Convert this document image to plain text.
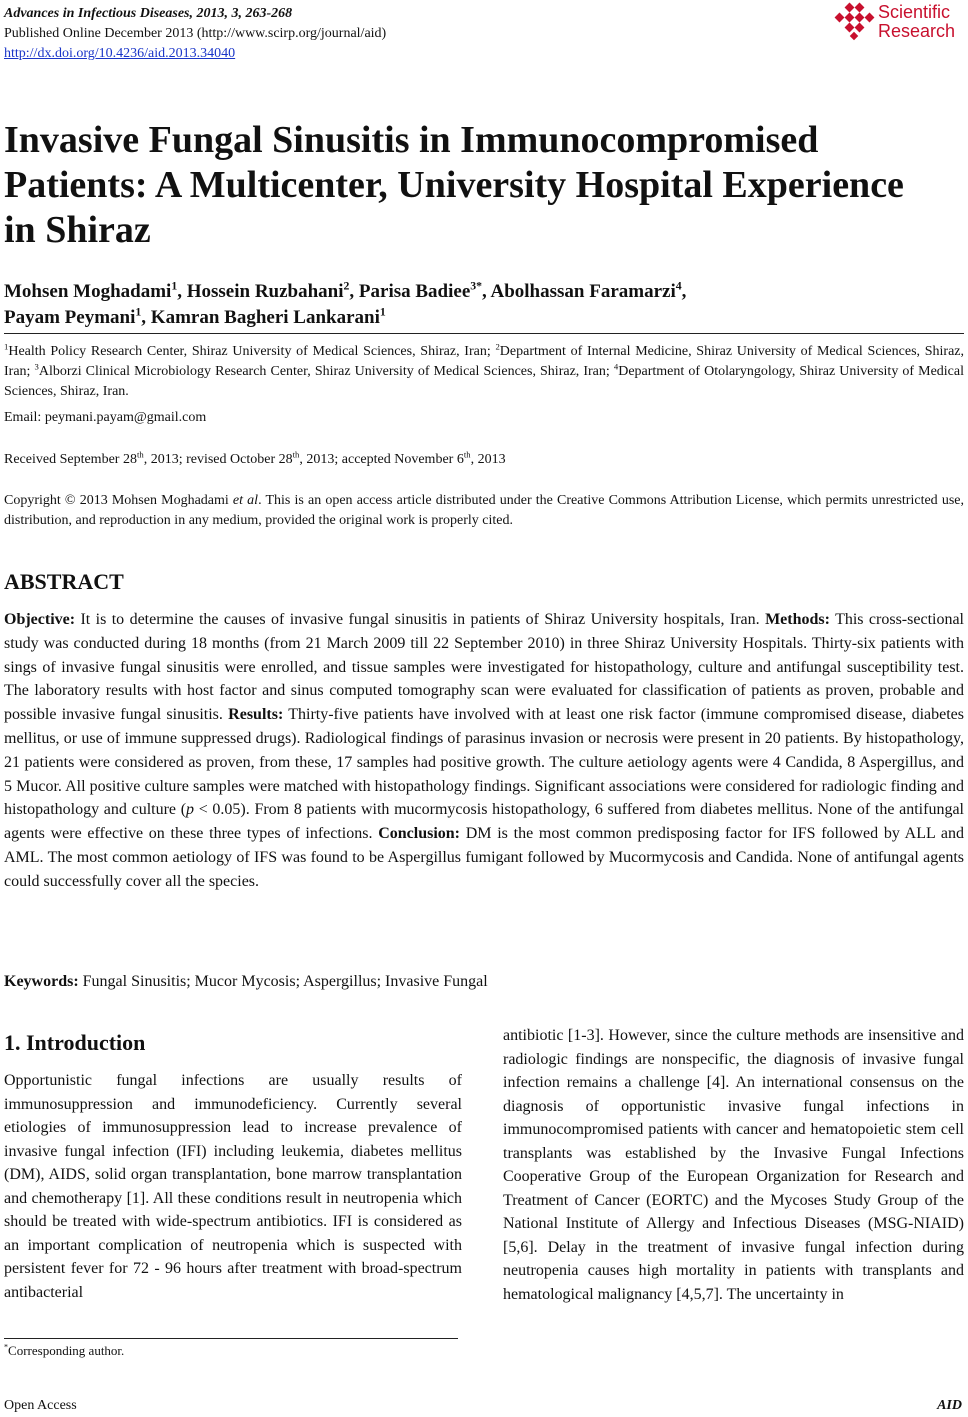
Advances in Infectious Diseases, 2013, 3, 263-268
Published Online December 2013 (http://www.scirp.org/journal/aid)
http://dx.doi.org/10.4236/aid.2013.34040
Scientific
Research
Invasive Fungal Sinusitis in Immunocompromised Patients: A Multicenter, University Hospital Experience in Shiraz
Mohsen Moghadami$^1$, Hossein Ruzbahani$^2$, Parisa Badiee$^{3*}$, Abolhassan Faramarzi$^4$,
Payam Peymani$^1$, Kamran Bagheri Lankarani$^1$
$^1$Health Policy Research Center, Shiraz University of Medical Sciences, Shiraz, Iran; $^2$Department of Internal Medicine, Shiraz University of Medical Sciences, Shiraz, Iran; $^3$Alborzi Clinical Microbiology Research Center, Shiraz University of Medical Sciences, Shiraz, Iran; $^4$Department of Otolaryngology, Shiraz University of Medical Sciences, Shiraz, Iran.
Email: peymani.payam@gmail.com
Received September 28th, 2013; revised October 28th, 2013; accepted November 6th, 2013
Copyright © 2013 Mohsen Moghadami et al. This is an open access article distributed under the Creative Commons Attribution License, which permits unrestricted use, distribution, and reproduction in any medium, provided the original work is properly cited.
ABSTRACT
Objective: It is to determine the causes of invasive fungal sinusitis in patients of Shiraz University hospitals, Iran. Methods: This cross-sectional study was conducted during 18 months (from 21 March 2009 till 22 September 2010) in three Shiraz University Hospitals. Thirty-six patients with sings of invasive fungal sinusitis were enrolled, and tissue samples were investigated for histopathology, culture and antifungal susceptibility test. The laboratory results with host factor and sinus computed tomography scan were evaluated for classification of patients as proven, probable and possible invasive fungal sinusitis. Results: Thirty-five patients have involved with at least one risk factor (immune compromised disease, diabetes mellitus, or use of immune suppressed drugs). Radiological findings of parasinus invasion or necrosis were present in 20 patients. By histopathology, 21 patients were considered as proven, from these, 17 samples had positive growth. The culture aetiology agents were 4 Candida, 8 Aspergillus, and 5 Mucor. All positive culture samples were matched with histopathology findings. Significant associations were considered for radiologic finding and histopathology and culture (p < 0.05). From 8 patients with mucormycosis histopathology, 6 suffered from diabetes mellitus. None of the antifungal agents were effective on these three types of infections. Conclusion: DM is the most common predisposing factor for IFS followed by ALL and AML. The most common aetiology of IFS was found to be Aspergillus fumigant followed by Mucormycosis and Candida. None of antifungal agents could successfully cover all the species.
Keywords: Fungal Sinusitis; Mucor Mycosis; Aspergillus; Invasive Fungal
1. Introduction
Opportunistic fungal infections are usually results of immunosuppression and immunodeficiency. Currently several etiologies of immunosuppression lead to increase prevalence of invasive fungal infection (IFI) including leukemia, diabetes mellitus (DM), AIDS, solid organ transplantation, bone marrow transplantation and chemotherapy [1]. All these conditions result in neutropenia which should be treated with wide-spectrum antibiotics. IFI is considered as an important complication of neutropenia which is suspected with persistent fever for 72 - 96 hours after treatment with broad-spectrum antibacterial
antibiotic [1-3]. However, since the culture methods are insensitive and radiologic findings are nonspecific, the diagnosis of invasive fungal infection remains a challenge [4]. An international consensus on the diagnosis of opportunistic invasive fungal infections in immunocompromised patients with cancer and hematopoietic stem cell transplants was established by the Invasive Fungal Infections Cooperative Group of the European Organization for Research and Treatment of Cancer (EORTC) and the Mycoses Study Group of the National Institute of Allergy and Infectious Diseases (MSG-NIAID) [5,6]. Delay in the treatment of invasive fungal infection during neutropenia causes high mortality in patients with transplants and hematological malignancy [4,5,7]. The uncertainty in
*Corresponding author.
Open Access	AID
